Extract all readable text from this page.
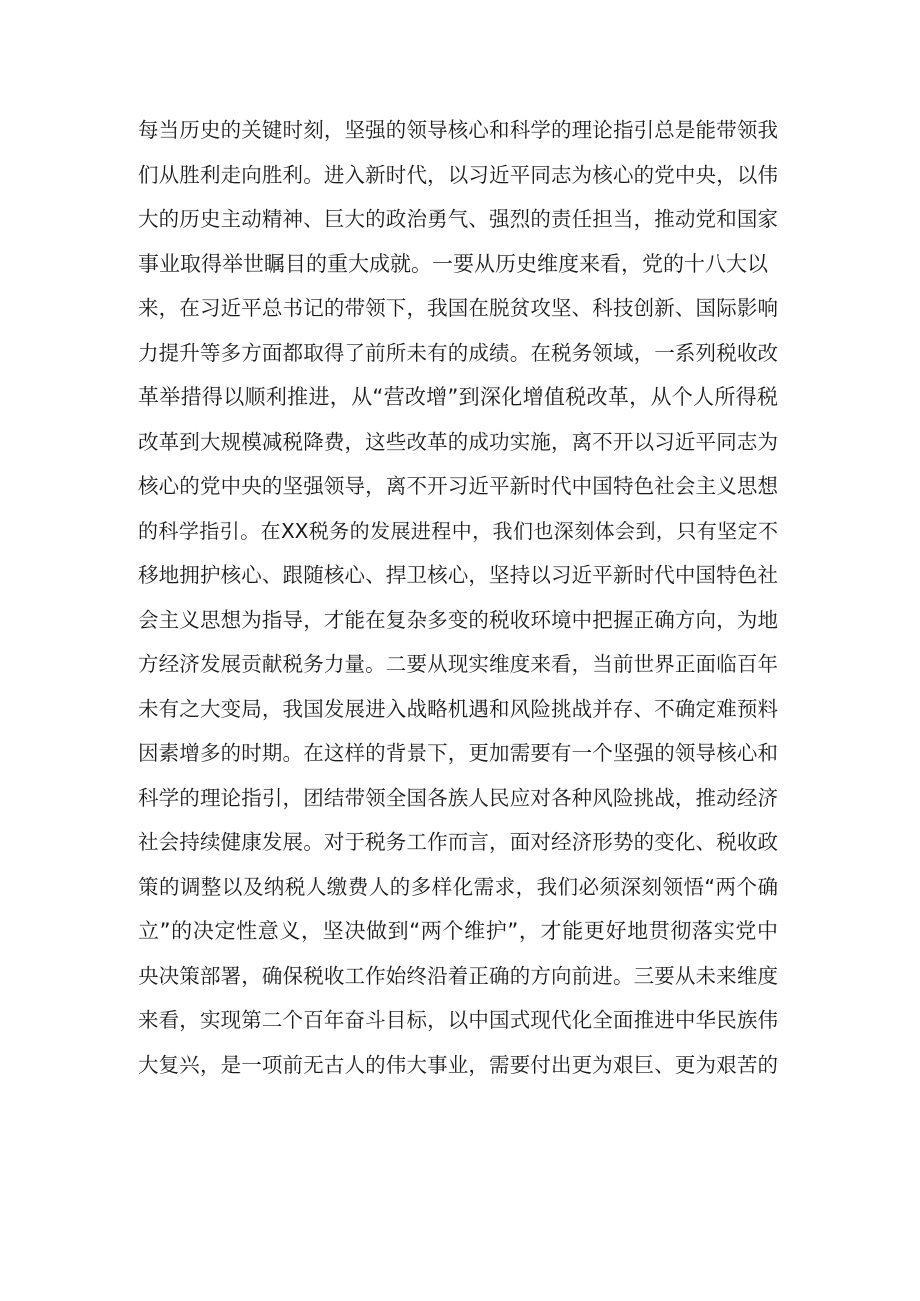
每当历史的关键时刻，坚强的领导核心和科学的理论指引总是能带领我
们从胜利走向胜利。进入新时代，以习近平同志为核心的党中央，以伟
大的历史主动精神、巨大的政治勇气、强烈的责任担当，推动党和国家
事业取得举世瞩目的重大成就。一要从历史维度来看，党的十八大以
来，在习近平总书记的带领下，我国在脱贫攻坚、科技创新、国际影响
力提升等多方面都取得了前所未有的成绩。在税务领域，一系列税收改
革举措得以顺利推进，从“营改增”到深化增值税改革，从个人所得税
改革到大规模减税降费，这些改革的成功实施，离不开以习近平同志为
核心的党中央的坚强领导，离不开习近平新时代中国特色社会主义思想
的科学指引。在XX税务的发展进程中，我们也深刻体会到，只有坚定不
移地拥护核心、跟随核心、捍卫核心，坚持以习近平新时代中国特色社
会主义思想为指导，才能在复杂多变的税收环境中把握正确方向，为地
方经济发展贡献税务力量。二要从现实维度来看，当前世界正面临百年
未有之大变局，我国发展进入战略机遇和风险挑战并存、不确定难预料
因素增多的时期。在这样的背景下，更加需要有一个坚强的领导核心和
科学的理论指引，团结带领全国各族人民应对各种风险挑战，推动经济
社会持续健康发展。对于税务工作而言，面对经济形势的变化、税收政
策的调整以及纳税人缴费人的多样化需求，我们必须深刻领悟“两个确
立”的决定性意义，坚决做到“两个维护”，才能更好地贯彻落实党中
央决策部署，确保税收工作始终沿着正确的方向前进。三要从未来维度
来看，实现第二个百年奋斗目标，以中国式现代化全面推进中华民族伟
大复兴，是一项前无古人的伟大事业，需要付出更为艰巨、更为艰苦的
